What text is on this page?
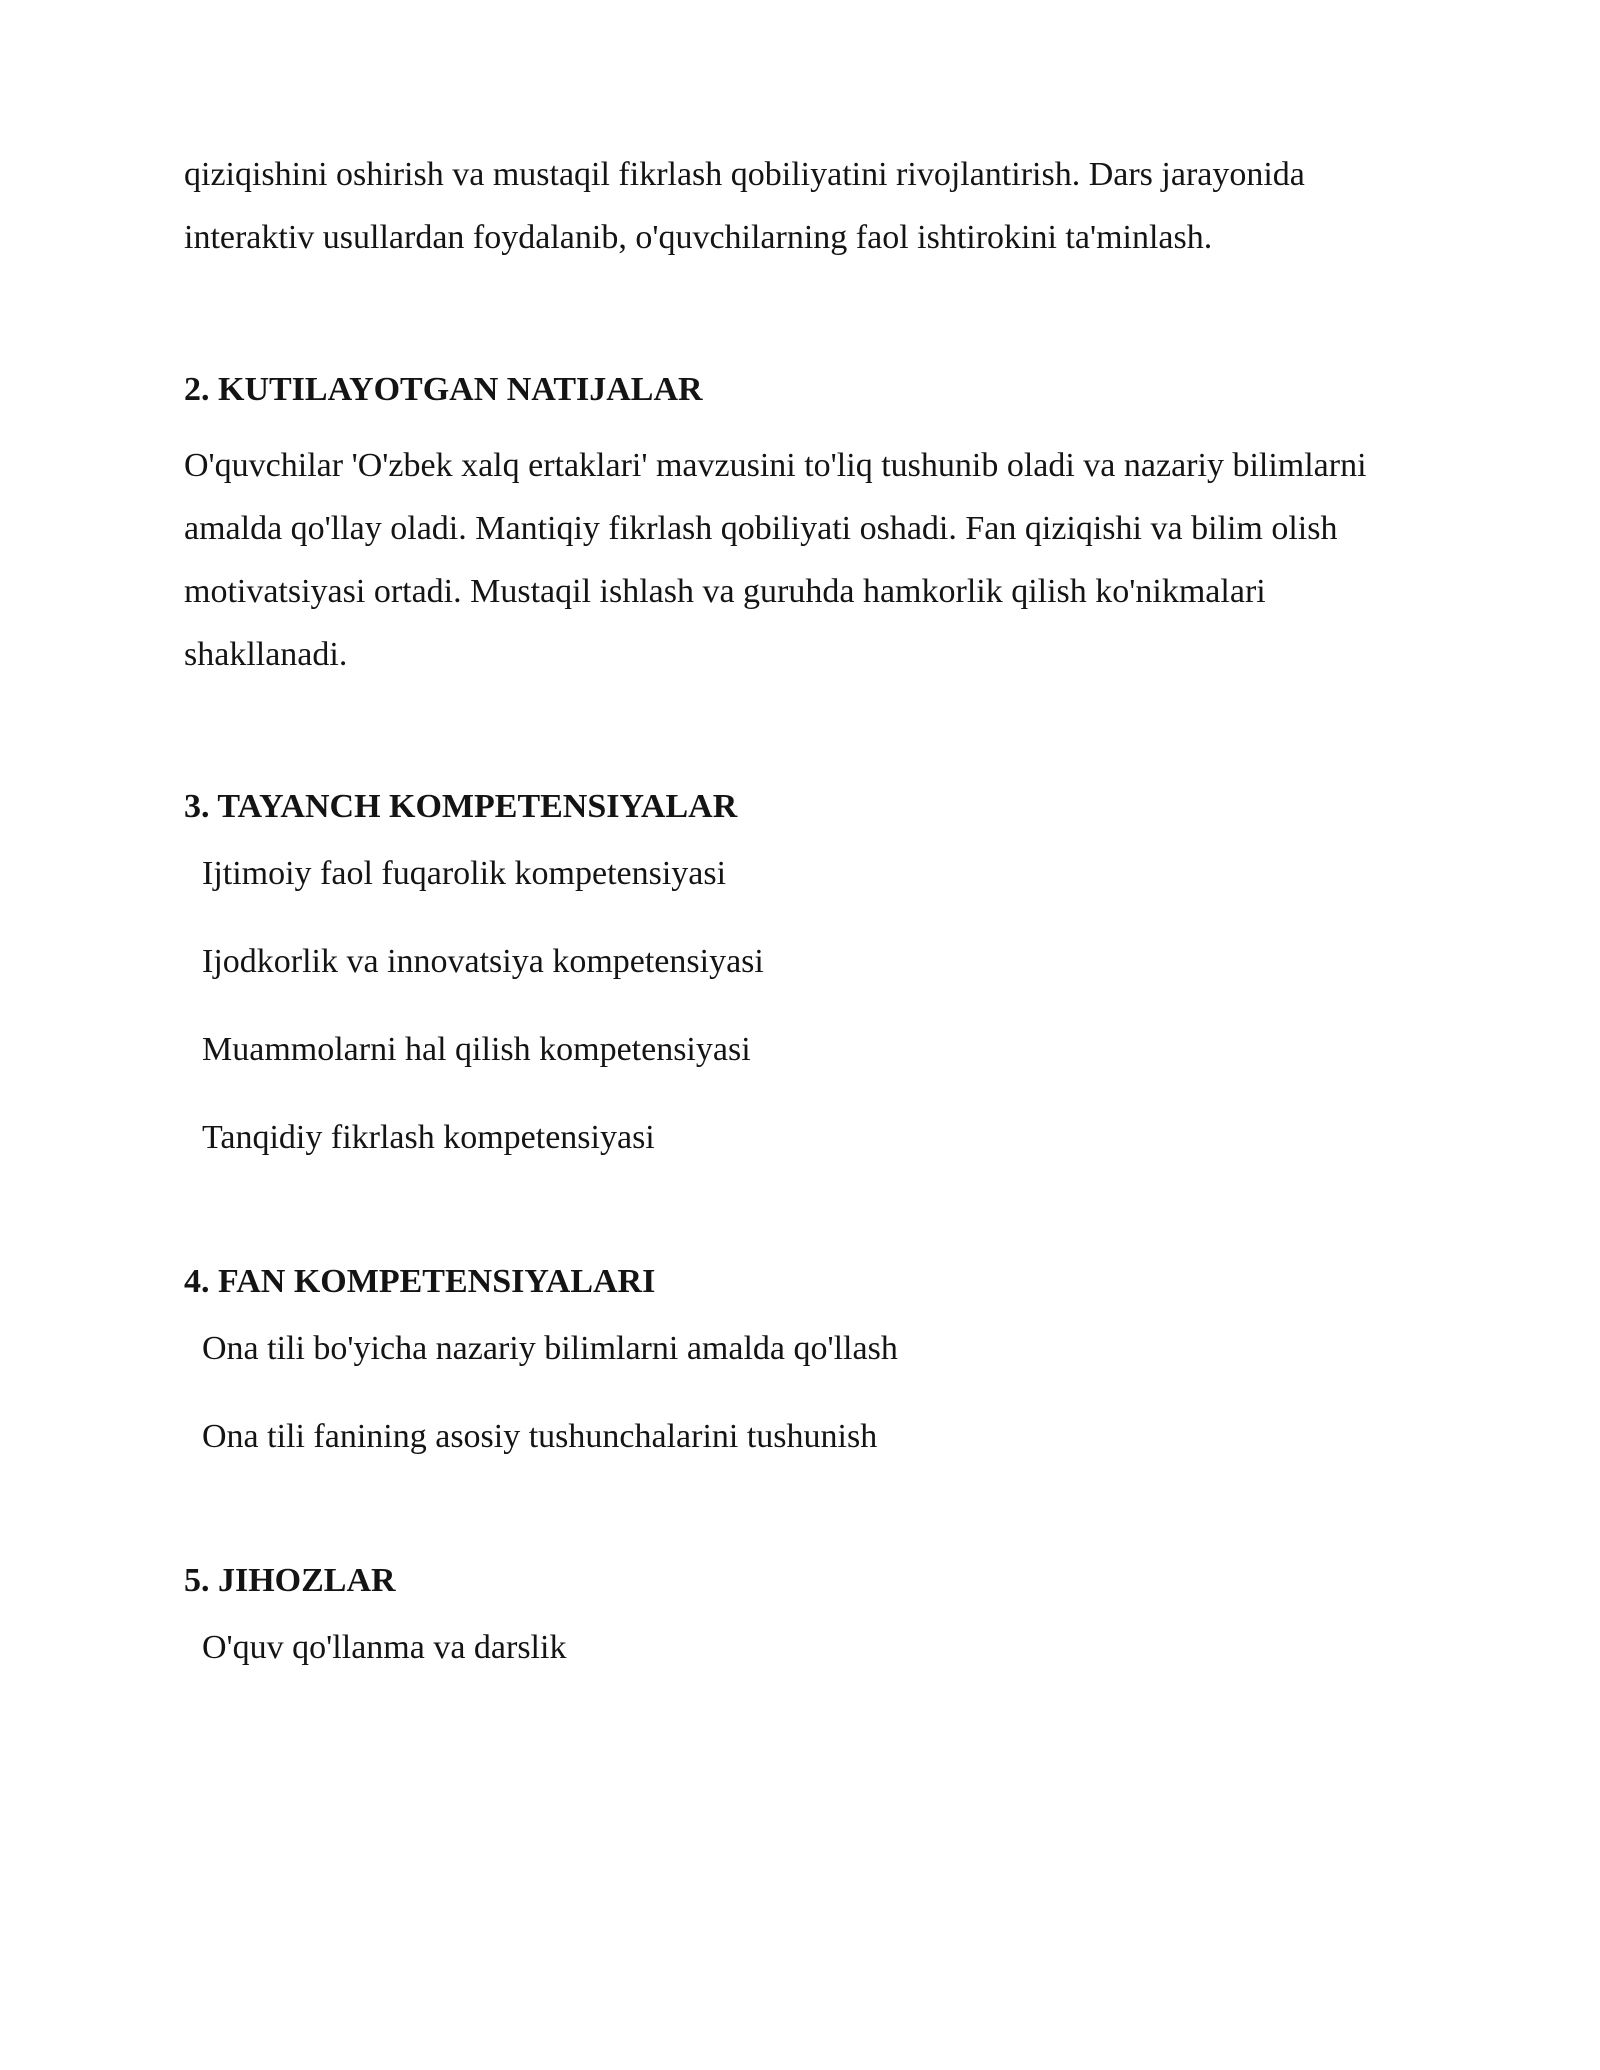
qiziqishini oshirish va mustaqil fikrlash qobiliyatini rivojlantirish. Dars jarayonida interaktiv usullardan foydalanib, o'quvchilarning faol ishtirokini ta'minlash.

2. KUTILAYOTGAN NATIJALAR

O'quvchilar 'O'zbek xalq ertaklari' mavzusini to'liq tushunib oladi va nazariy bilimlarni amalda qo'llay oladi. Mantiqiy fikrlash qobiliyati oshadi. Fan qiziqishi va bilim olish motivatsiyasi ortadi. Mustaqil ishlash va guruhda hamkorlik qilish ko'nikmalari shakllanadi.

3. TAYANCH KOMPETENSIYALAR
Ijtimoiy faol fuqarolik kompetensiyasi
Ijodkorlik va innovatsiya kompetensiyasi
Muammolarni hal qilish kompetensiyasi
Tanqidiy fikrlash kompetensiyasi
4. FAN KOMPETENSIYALARI
Ona tili bo'yicha nazariy bilimlarni amalda qo'llash
Ona tili fanining asosiy tushunchalarini tushunish
5. JIHOZLAR
O'quv qo'llanma va darslik
